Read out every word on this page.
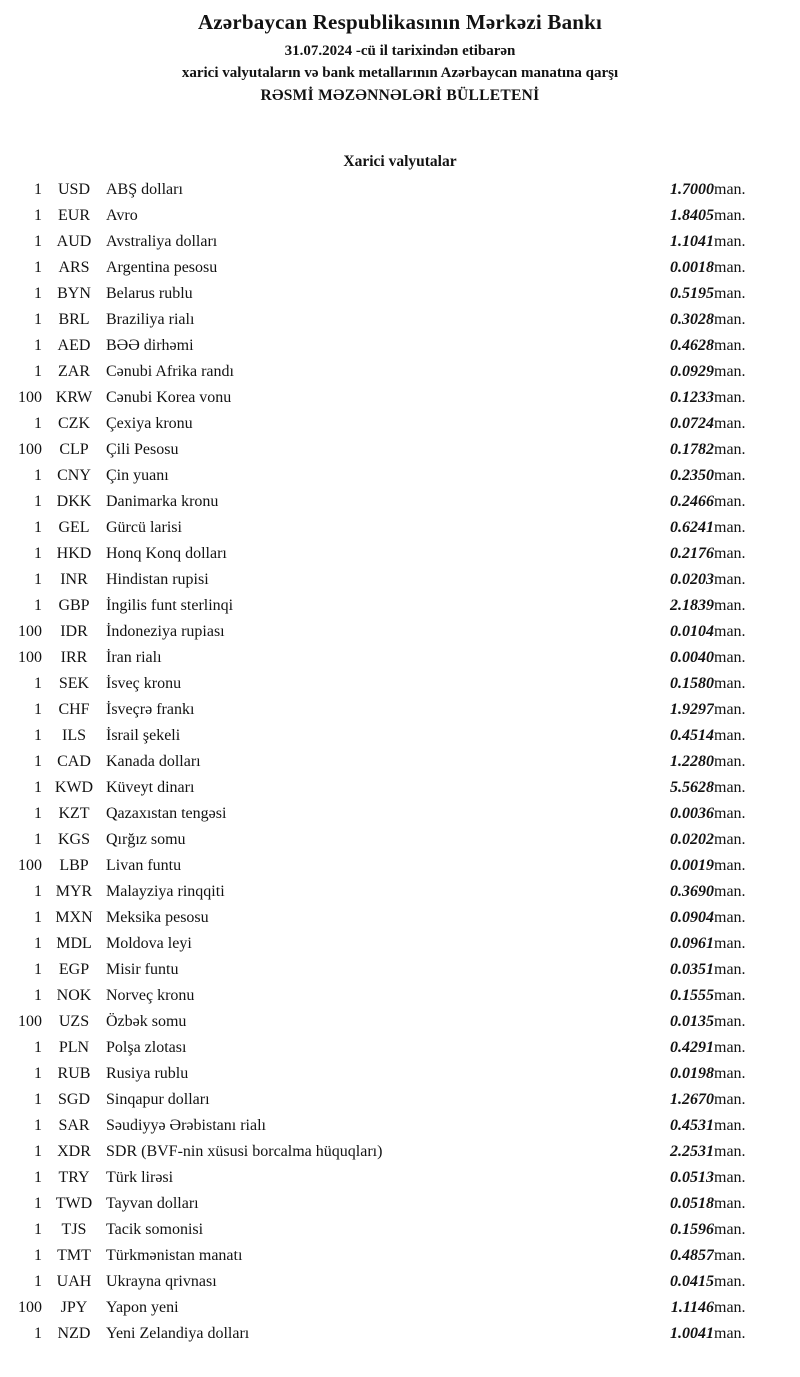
Azərbaycan Respublikasının Mərkəzi Bankı
31.07.2024 -cü il tarixindən etibarən
xarici valyutaların və bank metallarının Azərbaycan manatına qarşı
RƏSMİ MƏZƏNNƏLƏRİ BÜLLETENİ
Xarici valyutalar
1	USD	ABŞ dolları	1.7000	man.
1	EUR	Avro	1.8405	man.
1	AUD	Avstraliya dolları	1.1041	man.
1	ARS	Argentina pesosu	0.0018	man.
1	BYN	Belarus rublu	0.5195	man.
1	BRL	Braziliya rialı	0.3028	man.
1	AED	BƏƏ dirhəmi	0.4628	man.
1	ZAR	Cənubi Afrika randı	0.0929	man.
100	KRW	Cənubi Korea vonu	0.1233	man.
1	CZK	Çexiya kronu	0.0724	man.
100	CLP	Çili Pesosu	0.1782	man.
1	CNY	Çin yuanı	0.2350	man.
1	DKK	Danimarka kronu	0.2466	man.
1	GEL	Gürcü larisi	0.6241	man.
1	HKD	Honq Konq dolları	0.2176	man.
1	INR	Hindistan rupisi	0.0203	man.
1	GBP	İngilis funt sterlinqi	2.1839	man.
100	IDR	İndoneziya rupiası	0.0104	man.
100	IRR	İran rialı	0.0040	man.
1	SEK	İsveç kronu	0.1580	man.
1	CHF	İsveçrə frankı	1.9297	man.
1	ILS	İsrail şekeli	0.4514	man.
1	CAD	Kanada dolları	1.2280	man.
1	KWD	Küveyt dinarı	5.5628	man.
1	KZT	Qazaxıstan tengəsi	0.0036	man.
1	KGS	Qırğız somu	0.0202	man.
100	LBP	Livan funtu	0.0019	man.
1	MYR	Malayziya rinqqiti	0.3690	man.
1	MXN	Meksika pesosu	0.0904	man.
1	MDL	Moldova leyi	0.0961	man.
1	EGP	Misir funtu	0.0351	man.
1	NOK	Norveç kronu	0.1555	man.
100	UZS	Özbək somu	0.0135	man.
1	PLN	Polşa zlotası	0.4291	man.
1	RUB	Rusiya rublu	0.0198	man.
1	SGD	Sinqapur dolları	1.2670	man.
1	SAR	Səudiyyə Ərəbistanı rialı	0.4531	man.
1	XDR	SDR (BVF-nin xüsusi borcalma hüquqları)	2.2531	man.
1	TRY	Türk lirəsi	0.0513	man.
1	TWD	Tayvan dolları	0.0518	man.
1	TJS	Tacik somonisi	0.1596	man.
1	TMT	Türkmənistan manatı	0.4857	man.
1	UAH	Ukrayna qrivnası	0.0415	man.
100	JPY	Yapon yeni	1.1146	man.
1	NZD	Yeni Zelandiya dolları	1.0041	man.
